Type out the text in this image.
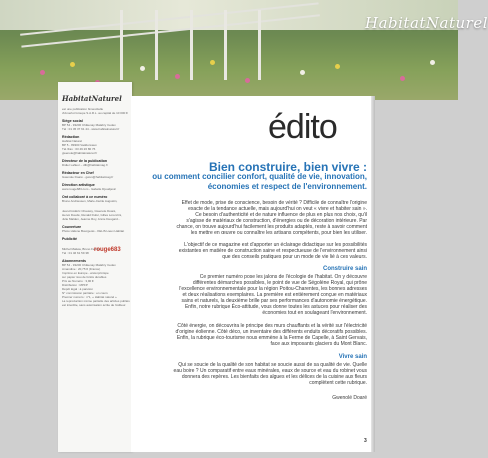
HabitatNaturel
HabitatNaturel
est une publication bimestrielle
d'Amerlut Groupe S.A.R.L. au capital de 10 000 €
Siège social
BP 54 - 93200 Châtenay Malabry Cedex
Tél : 01 45 37 61 44 - www.habitatnaturel.fr
Rédaction
Habitat Naturel
BP 5 - 89300 Vaddonvaux
Tél./Fax : 03 49 26 80 76
gwenole@habitatnaturel.fr
Directeur de la publication
Didier Lafleur – dlb@habitatmag.fr
Rédacteur en Chef
Gwenole Doaré - gwen@habitatmag.fr
Direction artistique
www.rouge683.com - Isabelle Djoudjevic
Ont collaboré à ce numéro
Bruno Andriessen, Marie-Cécile Augustin,
Jean-Frédéric Chaussy, Gwenole Doaré,
Hervé Doudé, Renald Dufer, Gilles Lorenzini,
Julie Malden, Jeanne Roy, Annie Deugard...
Couverture
Photo Hélène Bourgeois - KELIS Lieux Habitat
Publicité
Michel Mattéa, Bruno Ferrero
Tél : 01 46 61 59 38
Abonnements
BP 54 - 93200 Châtenay Malabry Cedex
Amandine : 20,75 € (France)
Imprimé en Europe - www.iprintspe
sur papier issu de forêts durables
Prix au Numéro : 3,90 €
Distribution : MPFP
Dépôt légal : à parution
N° commission paritaire : en cours
Premier numéro : n°1, « Habitat naturel »
La reproduction même partielle des articles publiés
est interdite, sans autorisation écrite de l'éditeur.
rouge683
édito
Bien construire, bien vivre :
ou comment concilier confort, qualité de vie, innovation,
économies et respect de l'environnement.
Effet de mode, prise de conscience, besoin de vérité ? Difficile de connaître l'origine
exacte de la tendance actuelle, mais aujourd'hui on veut « vivre et habiter sain ».
Ce besoin d'authenticité et de nature influence de plus en plus nos choix, qu'il
s'agisse de matériaux de construction, d'énergies ou de décoration intérieure. Par
chance, on trouve aujourd'hui facilement les produits adaptés, reste à savoir comment
les mettre en œuvre ou connaître les artisans compétents, pour bien les utiliser.
L'objectif de ce magazine est d'apporter un éclairage didactique sur les possibilités
existantes en matière de construction saine et respectueuse de l'environnement ainsi
que des conseils pratiques pour un mode de vie lié à ces valeurs.
Construire sain
Ce premier numéro pose les jalons de l'écologie de l'habitat. On y découvre
différentes démarches possibles, le point de vue de Ségolène Royal, qui prône
l'excellence environnementale pour la région Poitou-Charentes, les bonnes adresses
et deux réalisations exemplaires. La première est entièrement conçue en matériaux
sains et naturels, la deuxième brille par ses performances d'autonomie énergétique.
Enfin, notre rubrique Éco-attitude, vous donne toutes les astuces pour réaliser des
économies tout en soulageant l'environnement.
Côté énergie, on découvrira le principe des murs chauffants et la vérité sur l'électricité
d'origine éolienne. Côté déco, un inventaire des différents enduits décoratifs possibles.
Enfin, la rubrique éco-tourisme nous emmène à la Ferme de Capelle, à Saint Gervais,
face aux imposants glaciers du Mont Blanc.
Vivre sain
Qui se soucie de la qualité de son habitat se soucie aussi de sa qualité de vie. Quelle
eau boire ? Un comparatif entre eaux minérales, eaux de source et eau du robinet vous
donnera des repères. Les bienfaits des algues et les délices de la cuisine aux fleurs
complètent cette rubrique.
Gwenolé Doaré
3
